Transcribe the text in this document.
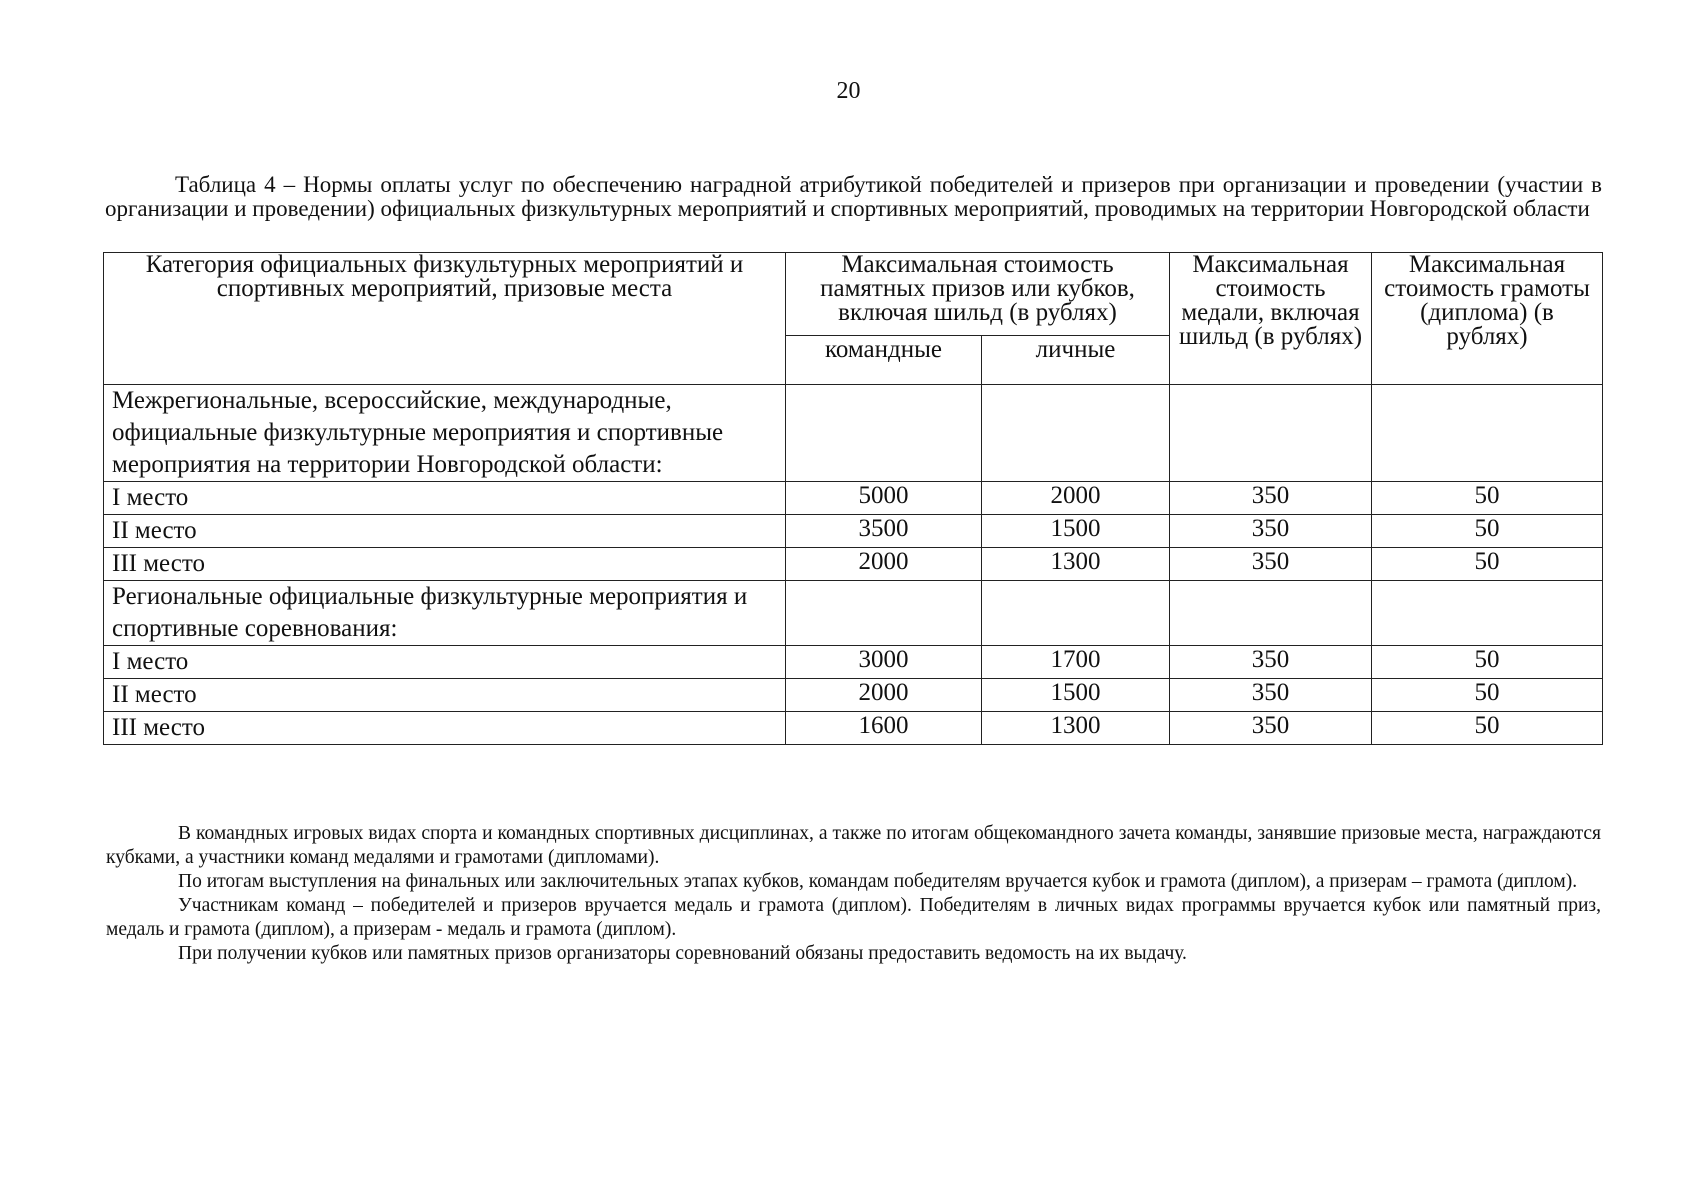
20
Таблица 4 – Нормы оплаты услуг по обеспечению наградной атрибутикой победителей и призеров при организации и проведении (участии в организации и проведении) официальных физкультурных мероприятий и спортивных мероприятий, проводимых на территории Новгородской области
Категория официальных физкультурных мероприятий и спортивных мероприятий, призовые места	Максимальная стоимость памятных призов или кубков, включая шильд (в рублях)		Максимальная стоимость медали, включая шильд (в рублях)	Максимальная стоимость грамоты (диплома) (в рублях)
	командные	личные		
Межрегиональные, всероссийские, международные, официальные физкультурные мероприятия и спортивные мероприятия на территории Новгородской области:				
I место	5000	2000	350	50
II место	3500	1500	350	50
III место	2000	1300	350	50
Региональные официальные физкультурные мероприятия и спортивные соревнования:				
I место	3000	1700	350	50
II место	2000	1500	350	50
III место	1600	1300	350	50

В командных игровых видах спорта и командных спортивных дисциплинах, а также по итогам общекомандного зачета команды, занявшие призовые места, награждаются кубками, а участники команд медалями и грамотами (дипломами).

По итогам выступления на финальных или заключительных этапах кубков, командам победителям вручается кубок и грамота (диплом), а призерам – грамота (диплом).

Участникам команд – победителей и призеров вручается медаль и грамота (диплом). Победителям в личных видах программы вручается кубок или памятный приз, медаль и грамота (диплом), а призерам - медаль и грамота (диплом).

При получении кубков или памятных призов организаторы соревнований обязаны предоставить ведомость на их выдачу.
